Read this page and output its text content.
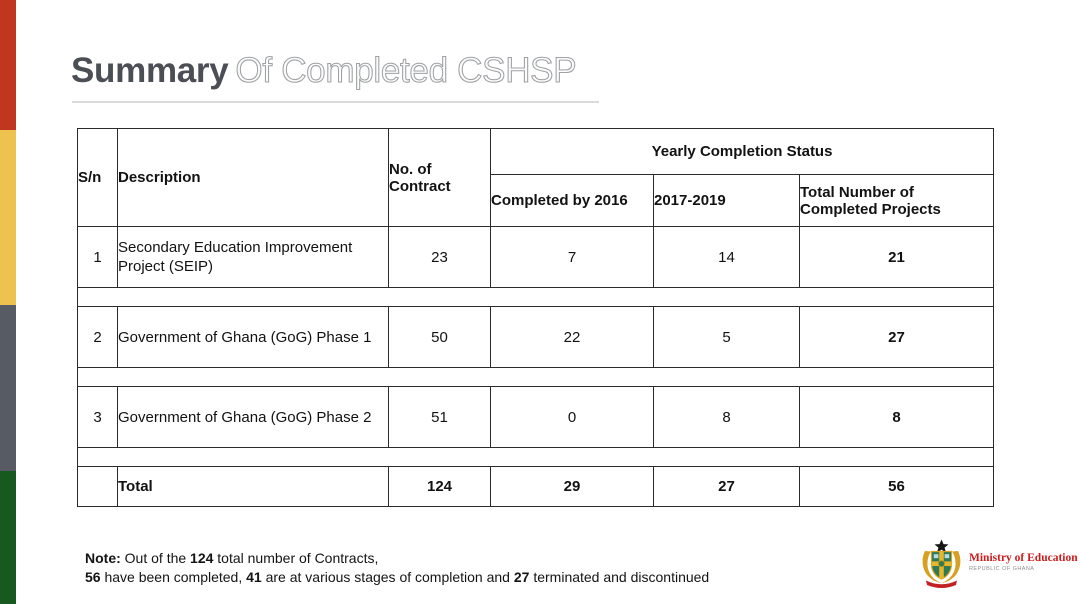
Summary Of Completed CSHSP
S/n	Description	No. of Contract	Yearly Completion Status		
			Completed by 2016	2017-2019	Total Number of Completed Projects
1	Secondary Education Improvement Project (SEIP)	23	7	14	21

2	Government of Ghana (GoG) Phase 1	50	22	5	27

3	Government of Ghana (GoG) Phase 2	51	0	8	8

	Total	124	29	27	56
Note: Out of the 124 total number of Contracts,
56 have been completed, 41 are at various stages of completion and 27 terminated and discontinued
Ministry of Education
REPUBLIC OF GHANA
